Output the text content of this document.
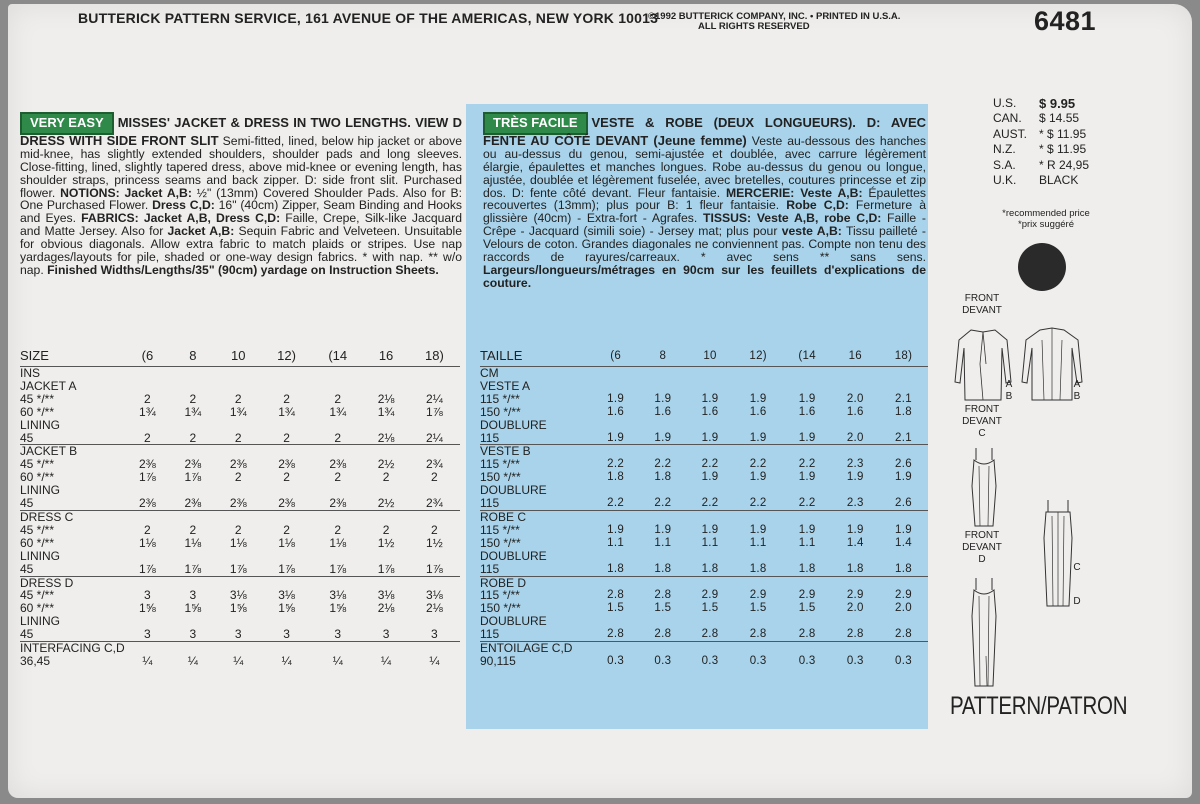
BUTTERICK PATTERN SERVICE, 161 AVENUE OF THE AMERICAS, NEW YORK 10013
©1992 BUTTERICK COMPANY, INC. • PRINTED IN U.S.A.
ALL RIGHTS RESERVED	6481
VERY EASY MISSES' JACKET & DRESS IN TWO LENGTHS. VIEW D DRESS WITH SIDE FRONT SLIT Semi-fitted, lined, below hip jacket or above mid-knee, has slightly extended shoulders, shoulder pads and long sleeves. Close-fitting, lined, slightly tapered dress, above mid-knee or evening length, has shoulder straps, princess seams and back zipper. D: side front slit. Purchased flower. NOTIONS: Jacket A,B: ½" (13mm) Covered Shoulder Pads. Also for B: One Purchased Flower. Dress C,D: 16" (40cm) Zipper, Seam Binding and Hooks and Eyes. FABRICS: Jacket A,B, Dress C,D: Faille, Crepe, Silk-like Jacquard and Matte Jersey. Also for Jacket A,B: Sequin Fabric and Velveteen. Unsuitable for obvious diagonals. Allow extra fabric to match plaids or stripes. Use nap yardages/layouts for pile, shaded or one-way design fabrics. * with nap. ** w/o nap. Finished Widths/Lengths/35" (90cm) yardage on Instruction Sheets.
TRÈS FACILE VESTE & ROBE (DEUX LONGUEURS). D: AVEC FENTE AU CÔTÉ DEVANT (Jeune femme) Veste au-dessous des hanches ou au-dessus du genou, semi-ajustée et doublée, avec carrure légèrement élargie, épaulettes et manches longues. Robe au-dessus du genou ou longue, ajustée, doublée et légèrement fuselée, avec bretelles, coutures princesse et zip dos. D: fente côté devant. Fleur fantaisie. MERCERIE: Veste A,B: Épaulettes recouvertes (13mm); plus pour B: 1 fleur fantaisie. Robe C,D: Fermeture à glissière (40cm) - Extra-fort - Agrafes. TISSUS: Veste A,B, robe C,D: Faille - Crêpe - Jacquard (simili soie) - Jersey mat; plus pour veste A,B: Tissu pailleté - Velours de coton. Grandes diagonales ne conviennent pas. Compte non tenu des raccords de rayures/carreaux. * avec sens ** sans sens. Largeurs/longueurs/métrages en 90cm sur les feuillets d'explications de couture.
U.S.	$ 9.95
CAN.	$ 14.55
AUST. * $ 11.95
N.Z.	* $ 11.95
S.A.	* R 24,95
U.K.	BLACK
*recommended price
*prix suggéré
FRONT
DEVANT
FRONT
DEVANT
C
FRONT
DEVANT
D
A
B
A
B
C
D
PATTERN/PATRON
SIZE	(6	8	10	12)	(14	16	18)
INS							
JACKET A							
45 */**	2	2	2	2	2	2⅛	2¼
60 */**	1¾	1¾	1¾	1¾	1¾	1¾	1⅞
LINING							
45	2	2	2	2	2	2⅛	2¼
JACKET B							
45 */**	2⅜	2⅜	2⅜	2⅜	2⅜	2½	2¾
60 */**	1⅞	1⅞	2	2	2	2	2
LINING							
45	2⅜	2⅜	2⅜	2⅜	2⅜	2½	2¾
DRESS C							
45 */**	2	2	2	2	2	2	2
60 */**	1⅛	1⅛	1⅛	1⅛	1⅛	1½	1½
LINING							
45	1⅞	1⅞	1⅞	1⅞	1⅞	1⅞	1⅞
DRESS D							
45 */**	3	3	3⅛	3⅛	3⅛	3⅛	3⅛
60 */**	1⅝	1⅝	1⅝	1⅝	1⅝	2⅛	2⅛
LINING							
45	3	3	3	3	3	3	3
INTERFACING C,D							
36,45	¼	¼	¼	¼	¼	¼	¼
TAILLE	(6	8	10	12)	(14	16	18)
CM							
VESTE A							
115 */**	1.9	1.9	1.9	1.9	1.9	2.0	2.1
150 */**	1.6	1.6	1.6	1.6	1.6	1.6	1.8
DOUBLURE							
115	1.9	1.9	1.9	1.9	1.9	2.0	2.1
VESTE B							
115 */**	2.2	2.2	2.2	2.2	2.2	2.3	2.6
150 */**	1.8	1.8	1.9	1.9	1.9	1.9	1.9
DOUBLURE							
115	2.2	2.2	2.2	2.2	2.2	2.3	2.6
ROBE C							
115 */**	1.9	1.9	1.9	1.9	1.9	1.9	1.9
150 */**	1.1	1.1	1.1	1.1	1.1	1.4	1.4
DOUBLURE							
115	1.8	1.8	1.8	1.8	1.8	1.8	1.8
ROBE D							
115 */**	2.8	2.8	2.9	2.9	2.9	2.9	2.9
150 */**	1.5	1.5	1.5	1.5	1.5	2.0	2.0
DOUBLURE							
115	2.8	2.8	2.8	2.8	2.8	2.8	2.8
ENTOILAGE C,D							
90,115	0.3	0.3	0.3	0.3	0.3	0.3	0.3
